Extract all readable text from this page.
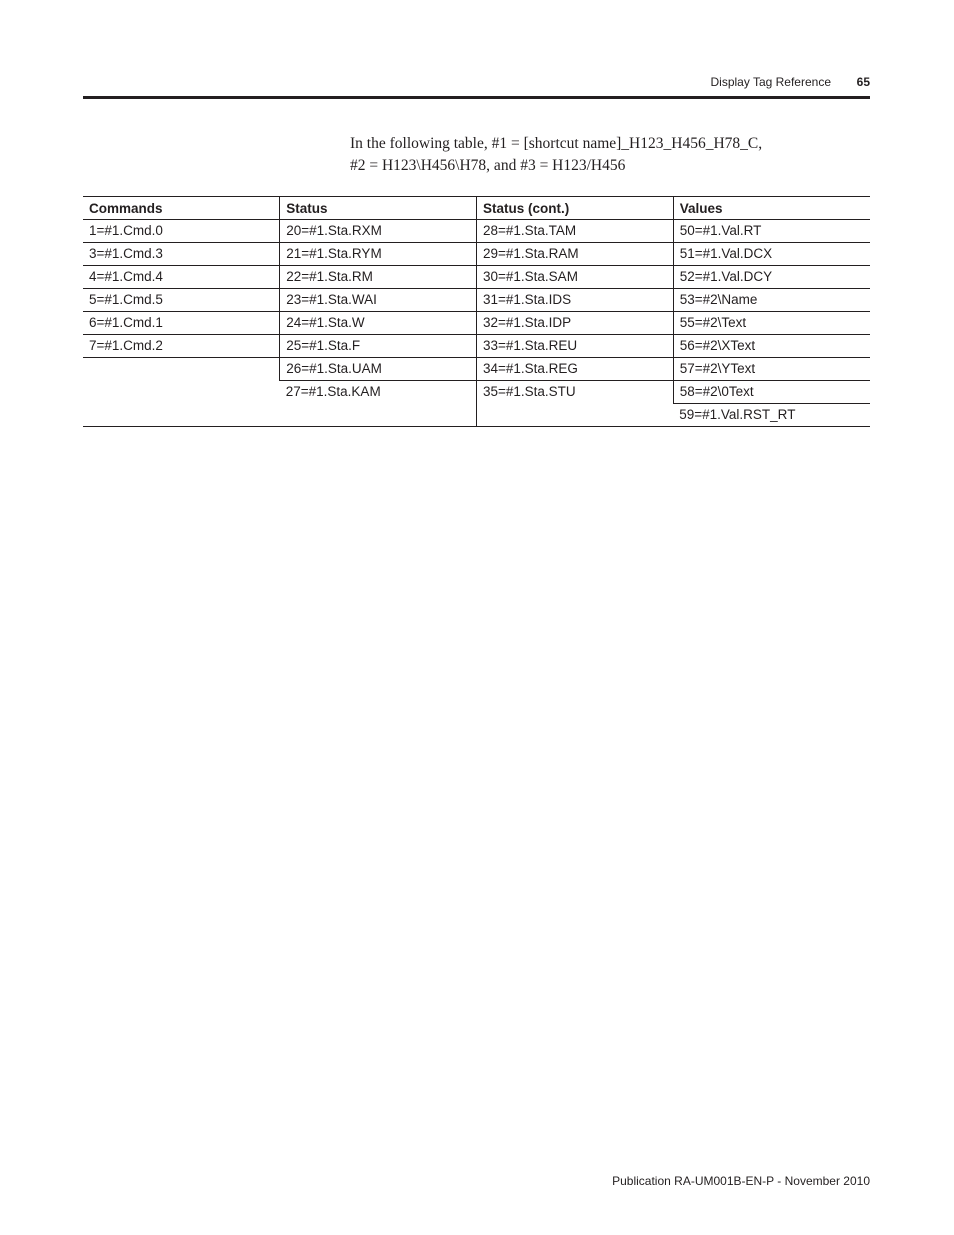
Display Tag Reference 65

In the following table, #1 = [shortcut name]_H123_H456_H78_C,

#2 = H123\H456\H78, and #3 = H123/H456

Commands	Status	Status (cont.)	Values
1=#1.Cmd.0	20=#1.Sta.RXM	28=#1.Sta.TAM	50=#1.Val.RT
3=#1.Cmd.3	21=#1.Sta.RYM	29=#1.Sta.RAM	51=#1.Val.DCX
4=#1.Cmd.4	22=#1.Sta.RM	30=#1.Sta.SAM	52=#1.Val.DCY
5=#1.Cmd.5	23=#1.Sta.WAI	31=#1.Sta.IDS	53=#2\Name
6=#1.Cmd.1	24=#1.Sta.W	32=#1.Sta.IDP	55=#2\Text
7=#1.Cmd.2	25=#1.Sta.F	33=#1.Sta.REU	56=#2\XText
	26=#1.Sta.UAM	34=#1.Sta.REG	57=#2\YText
	27=#1.Sta.KAM	35=#1.Sta.STU	58=#2\0Text
			59=#1.Val.RST_RT
Publication RA-UM001B-EN-P - November 2010
